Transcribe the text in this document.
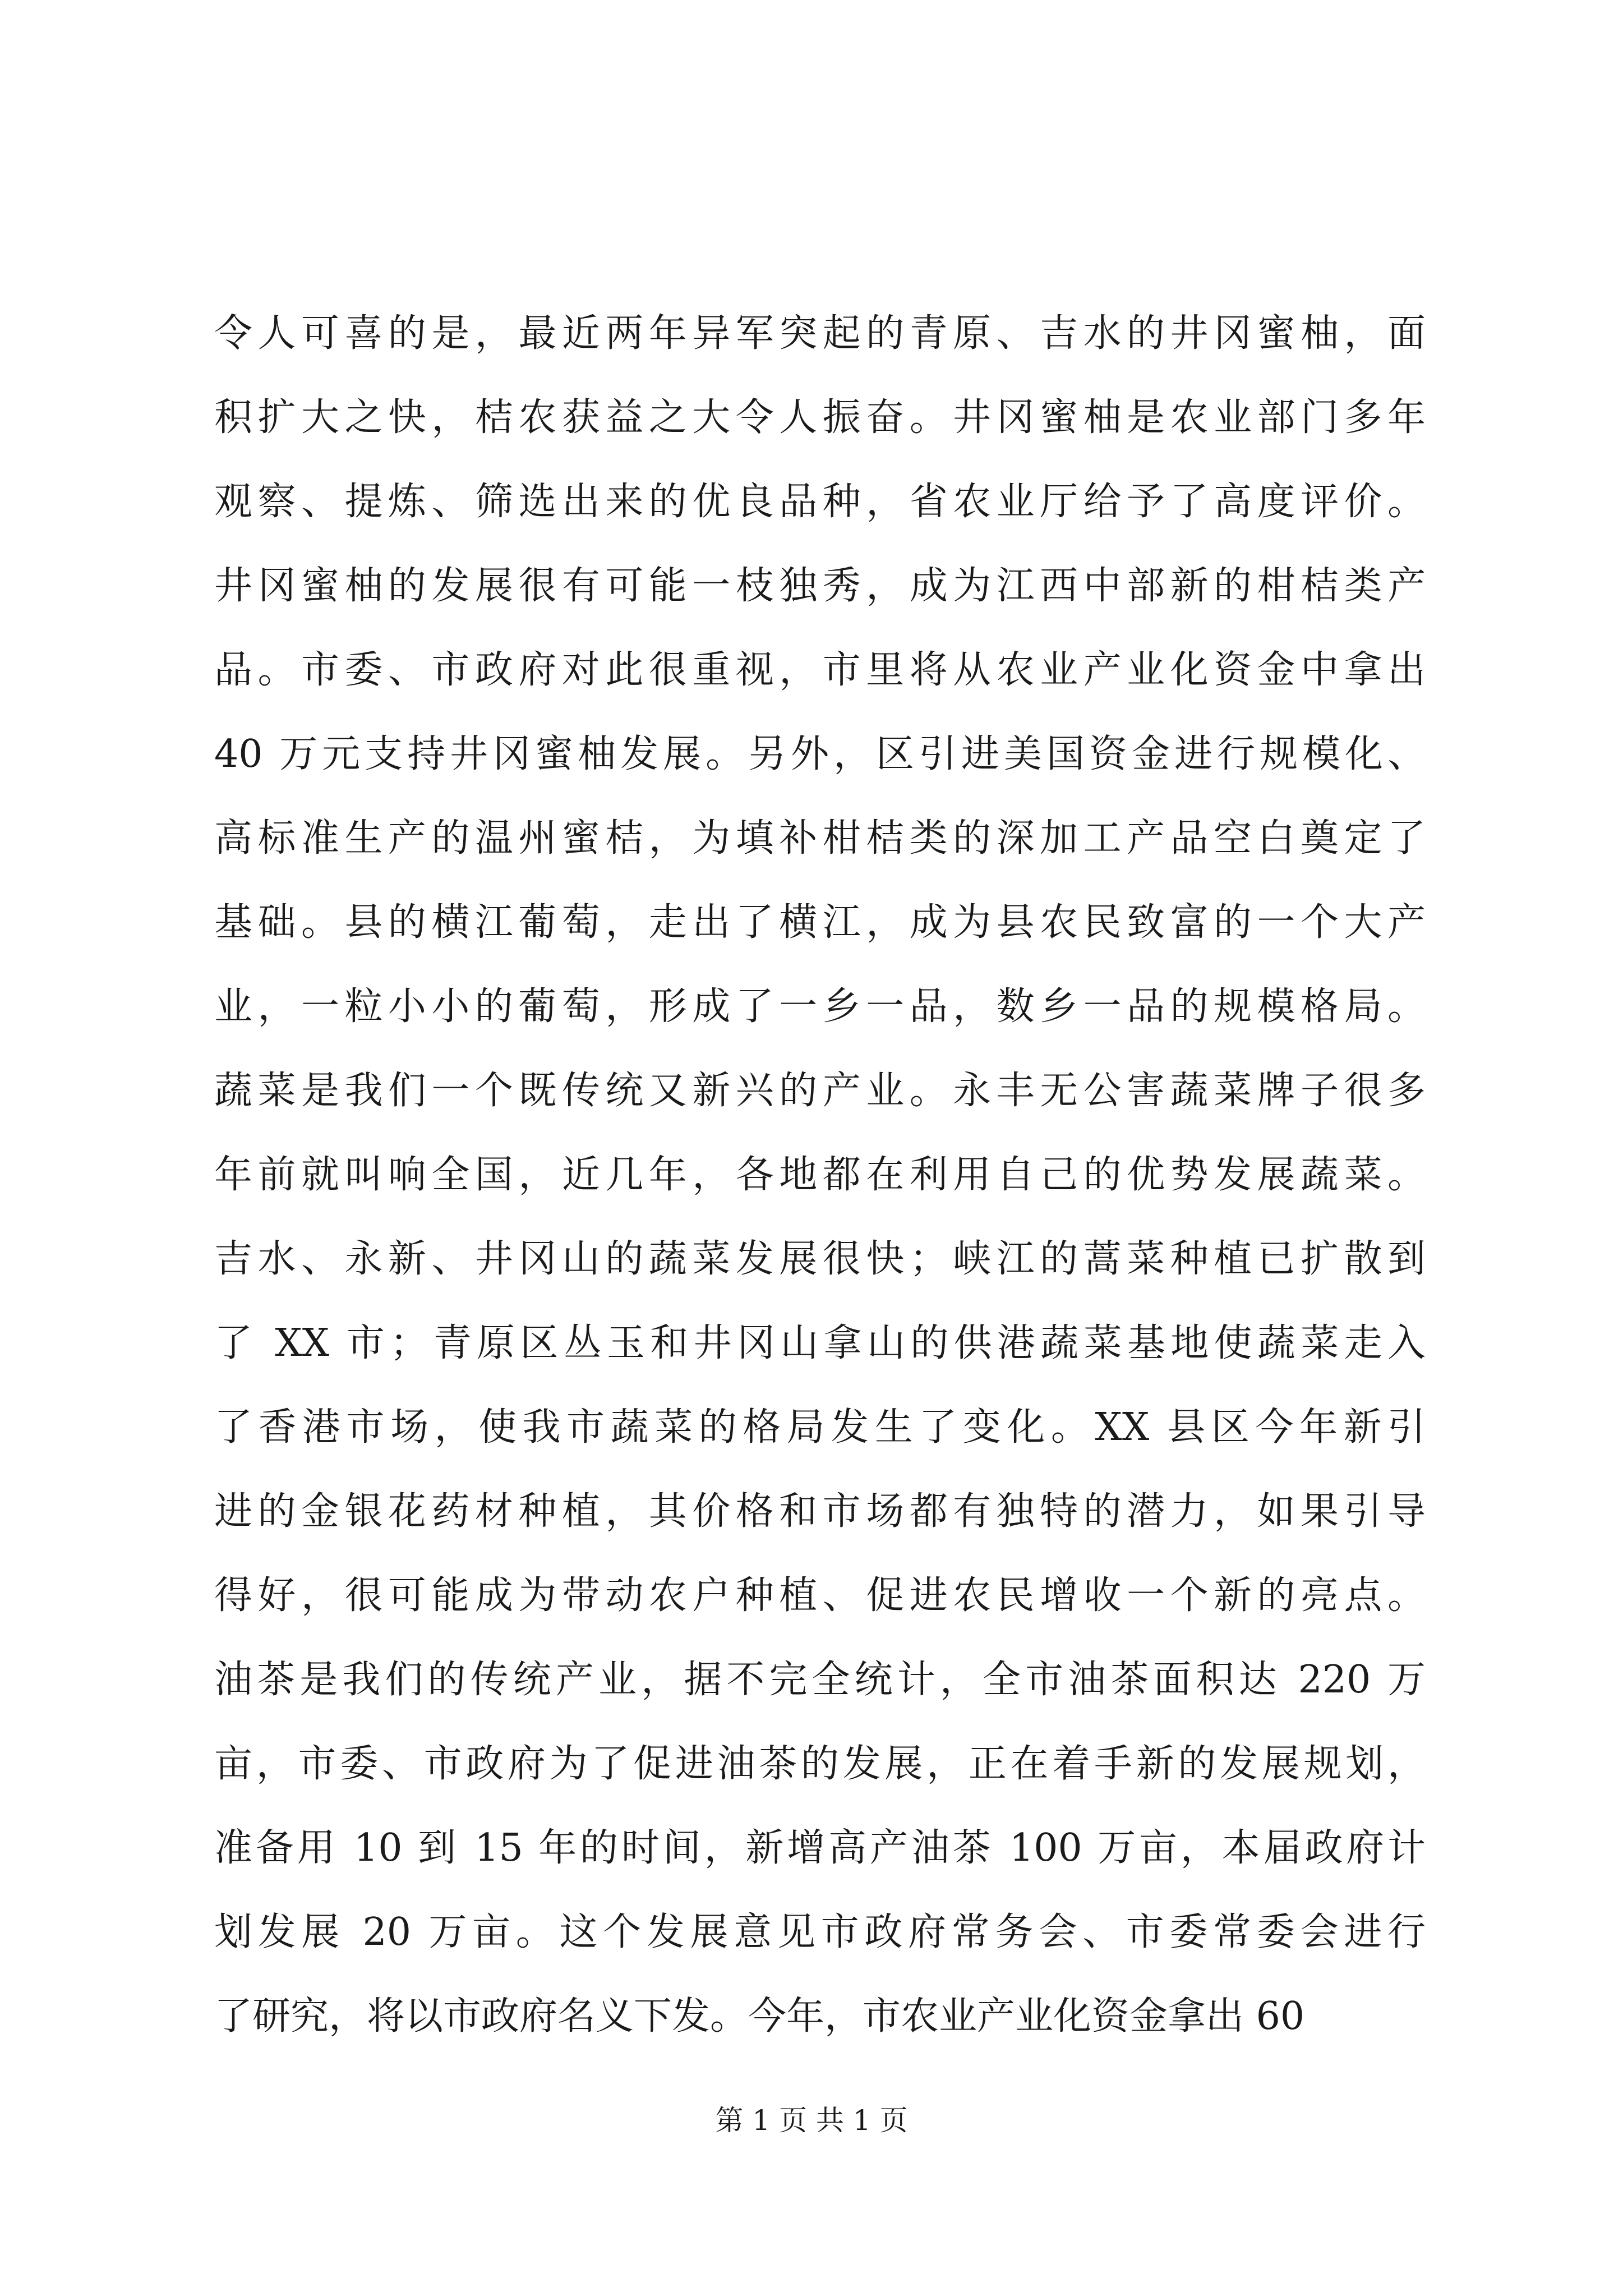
令人可喜的是，最近两年异军突起的青原、吉水的井冈蜜柚，面
积扩大之快，桔农获益之大令人振奋。井冈蜜柚是农业部门多年
观察、提炼、筛选出来的优良品种，省农业厅给予了高度评价。
井冈蜜柚的发展很有可能一枝独秀，成为江西中部新的柑桔类产
品。市委、市政府对此很重视，市里将从农业产业化资金中拿出
40 万元支持井冈蜜柚发展。另外，区引进美国资金进行规模化、
高标准生产的温州蜜桔，为填补柑桔类的深加工产品空白奠定了
基础。县的横江葡萄，走出了横江，成为县农民致富的一个大产
业，一粒小小的葡萄，形成了一乡一品，数乡一品的规模格局。
蔬菜是我们一个既传统又新兴的产业。永丰无公害蔬菜牌子很多
年前就叫响全国，近几年，各地都在利用自己的优势发展蔬菜。
吉水、永新、井冈山的蔬菜发展很快；峡江的蒿菜种植已扩散到
了 XX 市；青原区丛玉和井冈山拿山的供港蔬菜基地使蔬菜走入
了香港市场，使我市蔬菜的格局发生了变化。XX 县区今年新引
进的金银花药材种植，其价格和市场都有独特的潜力，如果引导
得好，很可能成为带动农户种植、促进农民增收一个新的亮点。
油茶是我们的传统产业，据不完全统计，全市油茶面积达 220 万
亩，市委、市政府为了促进油茶的发展，正在着手新的发展规划，
准备用 10 到 15 年的时间，新增高产油茶 100 万亩，本届政府计
划发展 20 万亩。这个发展意见市政府常务会、市委常委会进行
了研究，将以市政府名义下发。今年，市农业产业化资金拿出 60
第 1 页 共 1 页
